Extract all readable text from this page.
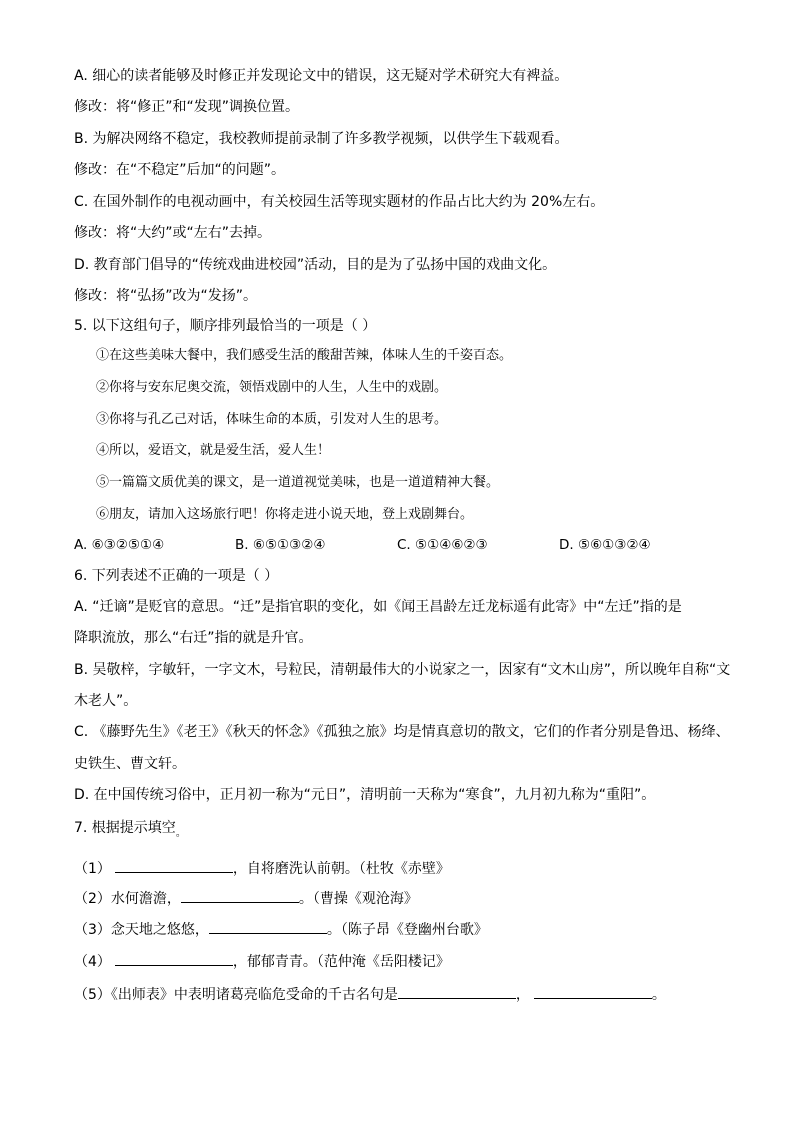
A. 细心的读者能够及时修正并发现论文中的错误，这无疑对学术研究大有裨益。
修改：将“修正”和“发现”调换位置。
B. 为解决网络不稳定，我校教师提前录制了许多教学视频，以供学生下载观看。
修改：在“不稳定”后加“的问题”。
C. 在国外制作的电视动画中，有关校园生活等现实题材的作品占比大约为 20%左右。
修改：将“大约”或“左右”去掉。
D. 教育部门倡导的“传统戏曲进校园”活动，目的是为了弘扬中国的戏曲文化。
修改：将“弘扬”改为“发扬”。
5. 以下这组句子，顺序排列最恰当的一项是（ ）
①在这些美味大餐中，我们感受生活的酸甜苦辣，体味人生的千姿百态。
②你将与安东尼奥交流，领悟戏剧中的人生，人生中的戏剧。
③你将与孔乙己对话，体味生命的本质，引发对人生的思考。
④所以，爱语文，就是爱生活，爱人生！
⑤一篇篇文质优美的课文，是一道道视觉美味，也是一道道精神大餐。
⑥朋友，请加入这场旅行吧！你将走进小说天地，登上戏剧舞台。
A. ⑥③②⑤①④	B. ⑥⑤①③②④	C. ⑤①④⑥②③	D. ⑤⑥①③②④
6. 下列表述不正确的一项是（ ）
A. “迁谪”是贬官的意思。“迁”是指官职的变化，如《闻王昌龄左迁龙标遥有此寄》中“左迁”指的是
降职流放，那么“右迁”指的就是升官。
B. 吴敬梓，字敏轩，一字文木，号粒民，清朝最伟大的小说家之一，因家有“文木山房”，所以晚年自称“文
木老人”。
C. 《藤野先生》《老王》《秋天的怀念》《孤独之旅》均是情真意切的散文，它们的作者分别是鲁迅、杨绛、
史铁生、曹文轩。
D. 在中国传统习俗中，正月初一称为“元日”，清明前一天称为“寒食”，九月初九称为“重阳”。
7. 根据提示填空$_。$
（1）	，自将磨洗认前朝。（杜牧《赤壁》
（2）水何澹澹，	。（曹操《观沧海》
（3）念天地之悠悠，	。（陈子昂《登幽州台歌》
（4）	，郁郁青青。（范仲淹《岳阳楼记》
（5）《出师表》中表明诸葛亮临危受命的千古名句是	，	。
